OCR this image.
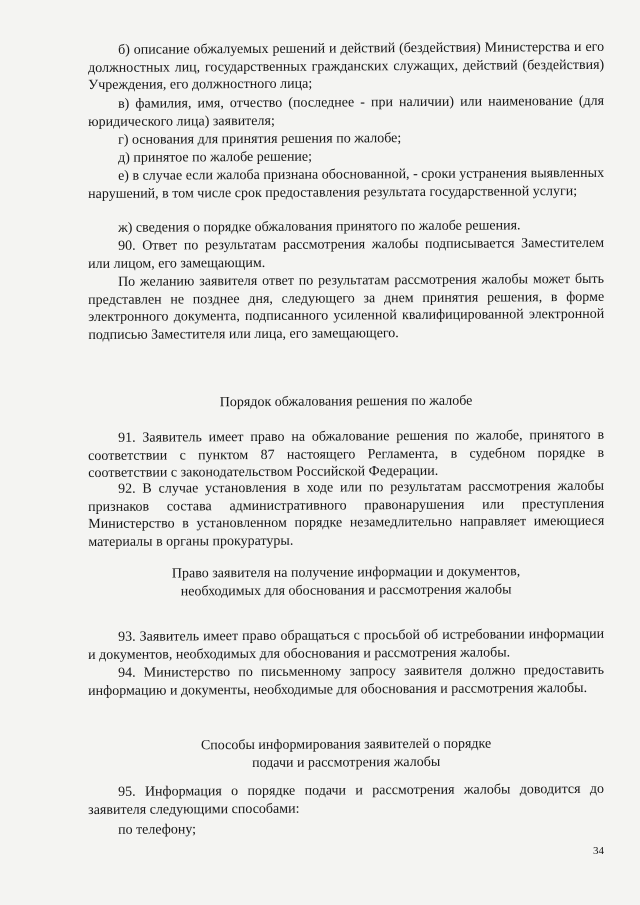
б) описание обжалуемых решений и действий (бездействия) Министерства и его должностных лиц, государственных гражданских служащих, действий (бездействия) Учреждения, его должностного лица;

в) фамилия, имя, отчество (последнее - при наличии) или наименование (для юридического лица) заявителя;

г) основания для принятия решения по жалобе;

д) принятое по жалобе решение;

е) в случае если жалоба признана обоснованной, - сроки устранения выявленных нарушений, в том числе срок предоставления результата государственной услуги;

ж) сведения о порядке обжалования принятого по жалобе решения.

90. Ответ по результатам рассмотрения жалобы подписывается Заместителем или лицом, его замещающим.

По желанию заявителя ответ по результатам рассмотрения жалобы может быть представлен не позднее дня, следующего за днем принятия решения, в форме электронного документа, подписанного усиленной квалифицированной электронной подписью Заместителя или лица, его замещающего.

Порядок обжалования решения по жалобе

91. Заявитель имеет право на обжалование решения по жалобе, принятого в соответствии с пунктом 87 настоящего Регламента, в судебном порядке в соответствии с законодательством Российской Федерации.

92. В случае установления в ходе или по результатам рассмотрения жалобы признаков состава административного правонарушения или преступления Министерство в установленном порядке незамедлительно направляет имеющиеся материалы в органы прокуратуры.

Право заявителя на получение информации и документов,
необходимых для обоснования и рассмотрения жалобы

93. Заявитель имеет право обращаться с просьбой об истребовании информации и документов, необходимых для обоснования и рассмотрения жалобы.

94. Министерство по письменному запросу заявителя должно предоставить информацию и документы, необходимые для обоснования и рассмотрения жалобы.

Способы информирования заявителей о порядке
подачи и рассмотрения жалобы

95. Информация о порядке подачи и рассмотрения жалобы доводится до заявителя следующими способами:

по телефону;

34
